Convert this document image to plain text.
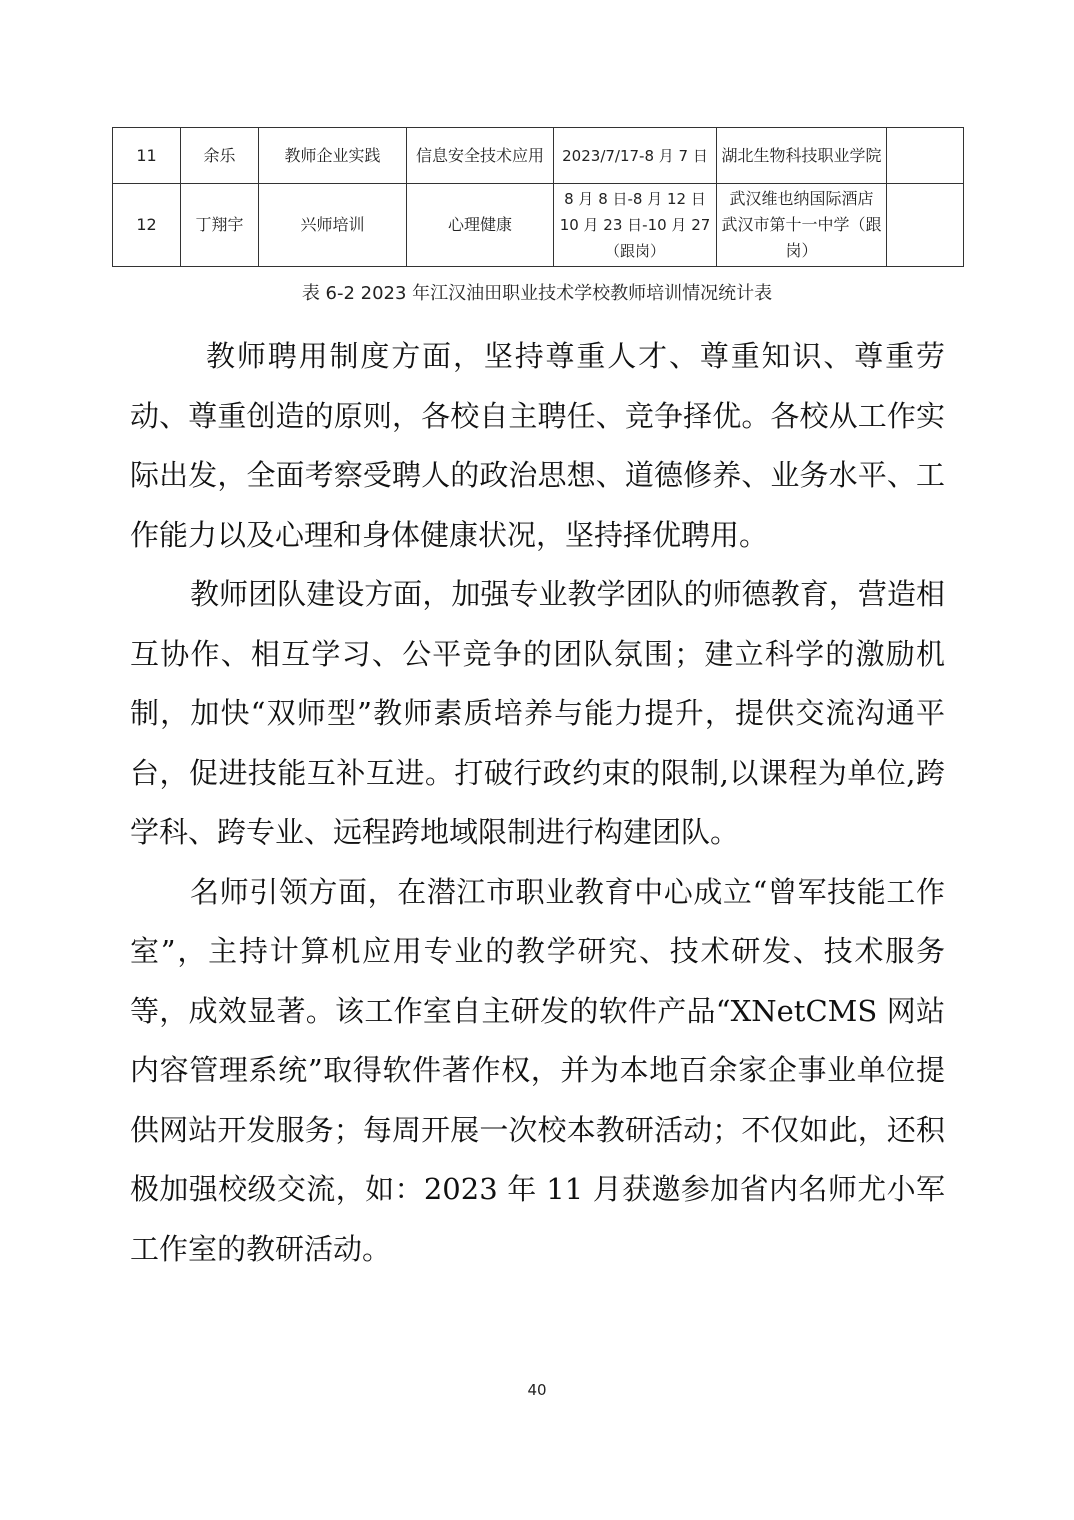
11	余乐	教师企业实践	信息安全技术应用	2023/7/17-8 月 7 日	湖北生物科技职业学院	
12	丁翔宇	兴师培训	心理健康	8 月 8 日-8 月 12 日 10 月 23 日-10 月 27（跟岗）	武汉维也纳国际酒店 武汉市第十一中学（跟岗）	
表 6-2 2023 年江汉油田职业技术学校教师培训情况统计表

教师聘用制度方面，坚持尊重人才、尊重知识、尊重劳动、尊重创造的原则，各校自主聘任、竞争择优。各校从工作实际出发，全面考察受聘人的政治思想、道德修养、业务水平、工作能力以及心理和身体健康状况，坚持择优聘用。

教师团队建设方面，加强专业教学团队的师德教育，营造相互协作、相互学习、公平竞争的团队氛围；建立科学的激励机制，加快“双师型”教师素质培养与能力提升，提供交流沟通平台，促进技能互补互进。打破行政约束的限制,以课程为单位,跨学科、跨专业、远程跨地域限制进行构建团队。

名师引领方面，在潜江市职业教育中心成立“曾军技能工作室”，主持计算机应用专业的教学研究、技术研发、技术服务等，成效显著。该工作室自主研发的软件产品“XNetCMS 网站内容管理系统”取得软件著作权，并为本地百余家企事业单位提供网站开发服务；每周开展一次校本教研活动；不仅如此，还积极加强校级交流，如：2023 年 11 月获邀参加省内名师尤小军工作室的教研活动。

40
